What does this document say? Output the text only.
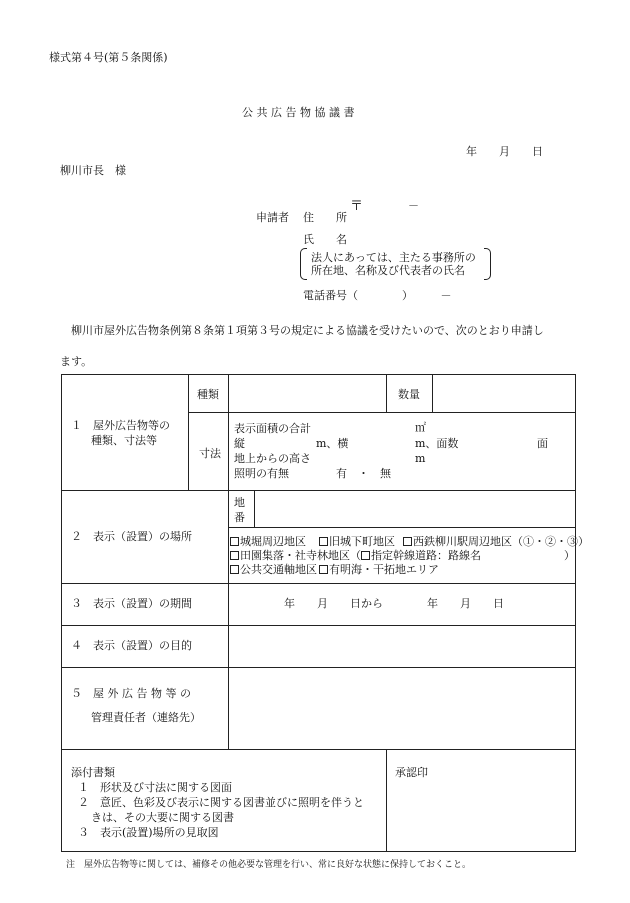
様式第４号(第５条関係)
公 共 広 告 物 協 議 書
年　　月　　日
柳川市長　様
〒	－
申請者 住　　所
氏　　名
法人にあっては、主たる事務所の
所在地、名称及び代表者の氏名
電話番号（　　　　）　　　－
柳川市屋外広告物条例第８条第１項第３号の規定による協議を受けたいので、次のとおり申請し
ます。
１　屋外広告物等の
種類、寸法等
種類	数量
寸法
表示面積の合計	㎡
縦	m、横	m、面数	面
地上からの高さ	m
照明の有無	有　・　無
２　表示（設置）の場所
地
番
城堀周辺地区	旧城下町地区	西鉄柳川駅周辺地区（①・②・③）
田園集落・社寺林地区（ 指定幹線道路：路線名	）
公共交通軸地区	有明海・干拓地エリア
３　表示（設置）の期間	年　　月　　日から　　　　年　　月　　日
４　表示（設置）の目的
５　屋 外 広 告 物 等 の
管理責任者（連絡先）
添付書類
１　形状及び寸法に関する図面
２　意匠、色彩及び表示に関する図書並びに照明を伴うと
きは、その大要に関する図書
３　表示(設置)場所の見取図
承認印
注　屋外広告物等に関しては、補修その他必要な管理を行い、常に良好な状態に保持しておくこと。
